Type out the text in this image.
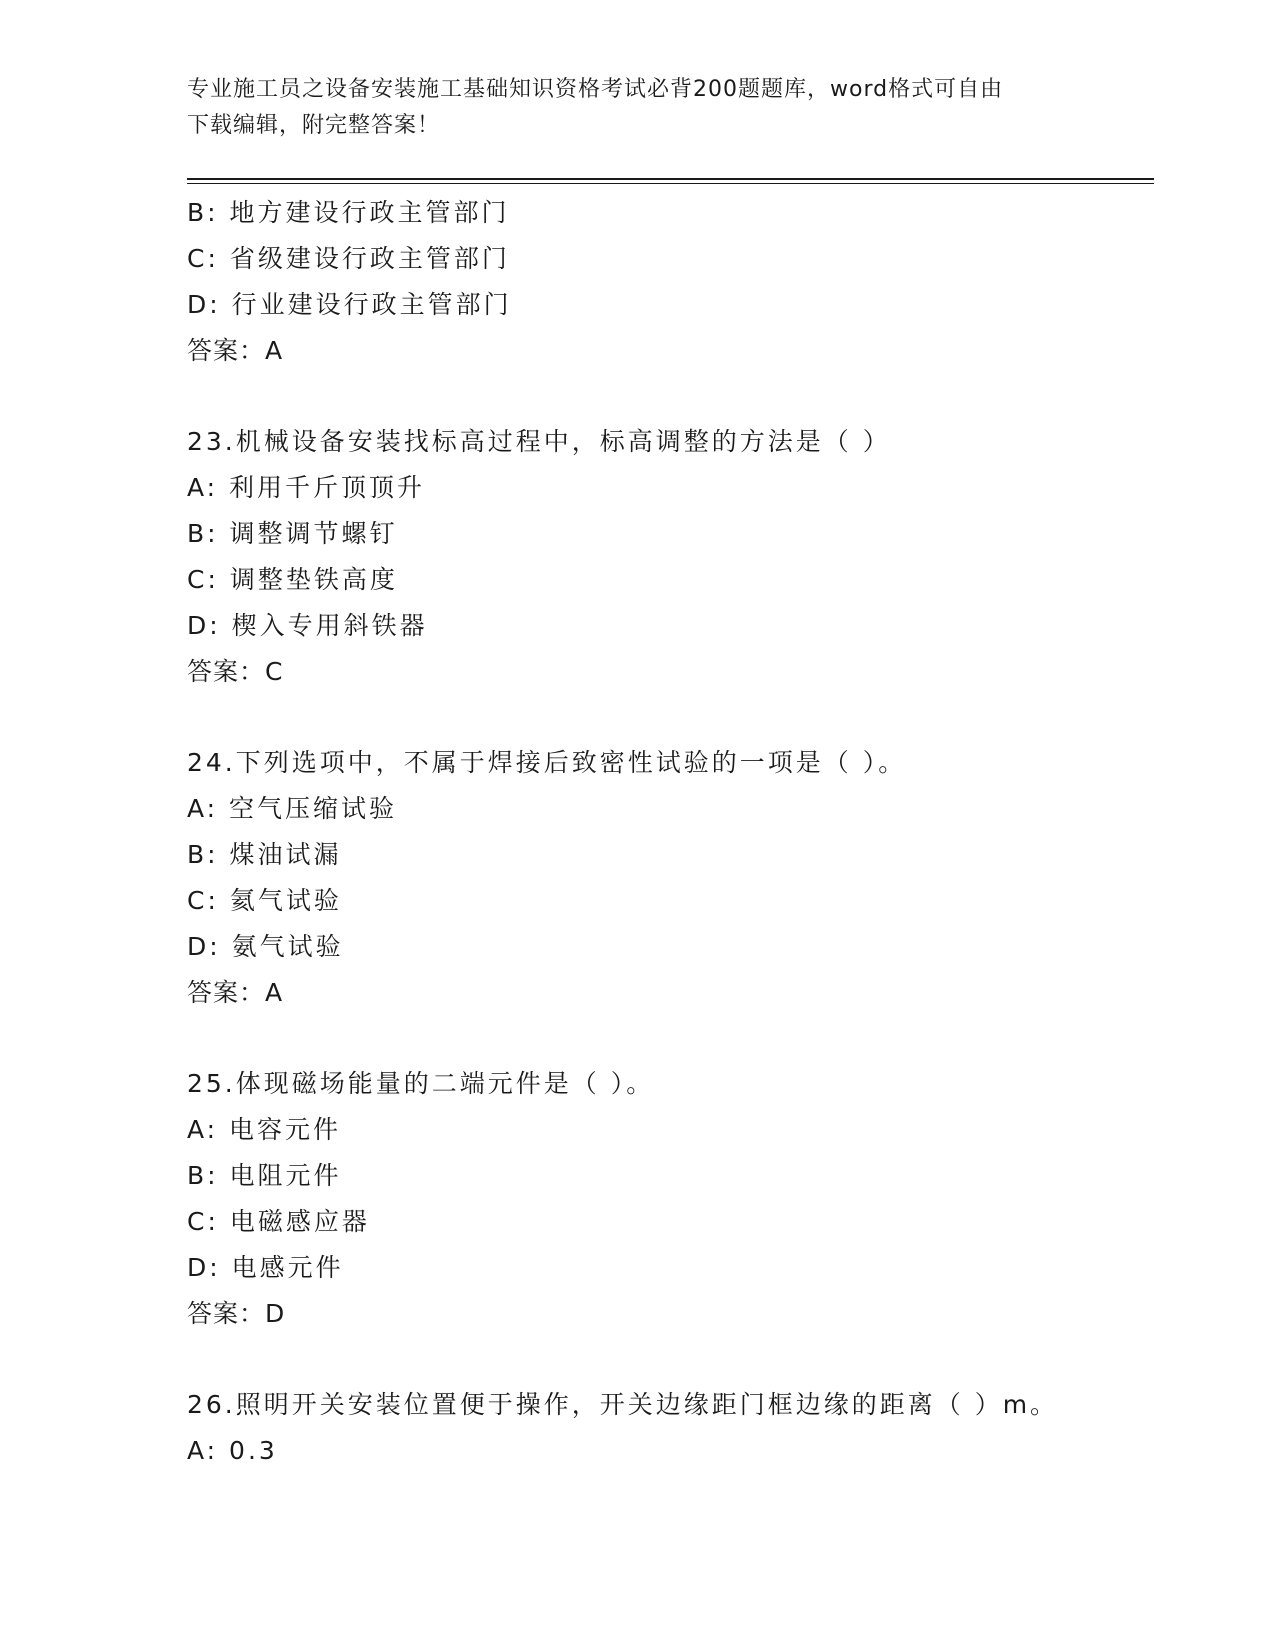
专业施工员之设备安装施工基础知识资格考试必背200题题库，word格式可自由
下载编辑，附完整答案！
B: 地方建设行政主管部门
C: 省级建设行政主管部门
D: 行业建设行政主管部门
答案：A
23.机械设备安装找标高过程中，标高调整的方法是（ ）
A: 利用千斤顶顶升
B: 调整调节螺钉
C: 调整垫铁高度
D: 楔入专用斜铁器
答案：C
24.下列选项中，不属于焊接后致密性试验的一项是（ ）。
A: 空气压缩试验
B: 煤油试漏
C: 氦气试验
D: 氨气试验
答案：A
25.体现磁场能量的二端元件是（ ）。
A: 电容元件
B: 电阻元件
C: 电磁感应器
D: 电感元件
答案：D
26.照明开关安装位置便于操作，开关边缘距门框边缘的距离（ ）m。
A: 0.3
